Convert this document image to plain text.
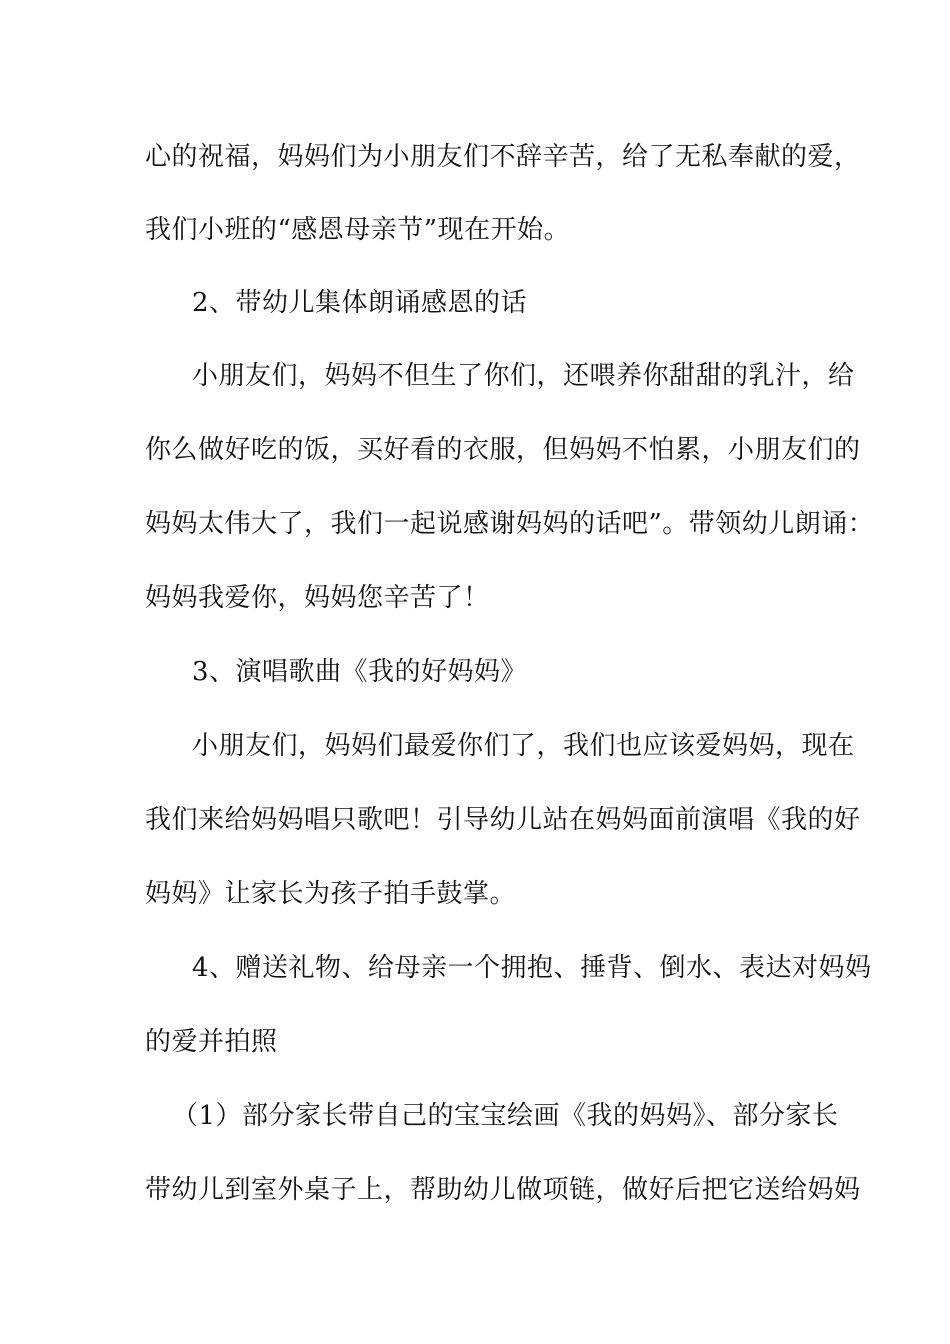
心的祝福，妈妈们为小朋友们不辞辛苦，给了无私奉献的爱，

我们小班的“感恩母亲节”现在开始。

2、带幼儿集体朗诵感恩的话

小朋友们，妈妈不但生了你们，还喂养你甜甜的乳汁，给

你么做好吃的饭，买好看的衣服，但妈妈不怕累，小朋友们的

妈妈太伟大了，我们一起说感谢妈妈的话吧”。带领幼儿朗诵：

妈妈我爱你，妈妈您辛苦了！

3、演唱歌曲《我的好妈妈》

小朋友们，妈妈们最爱你们了，我们也应该爱妈妈，现在

我们来给妈妈唱只歌吧！引导幼儿站在妈妈面前演唱《我的好

妈妈》让家长为孩子拍手鼓掌。

4、赠送礼物、给母亲一个拥抱、捶背、倒水、表达对妈妈

的爱并拍照

（1）部分家长带自己的宝宝绘画《我的妈妈》、部分家长

带幼儿到室外桌子上，帮助幼儿做项链，做好后把它送给妈妈
